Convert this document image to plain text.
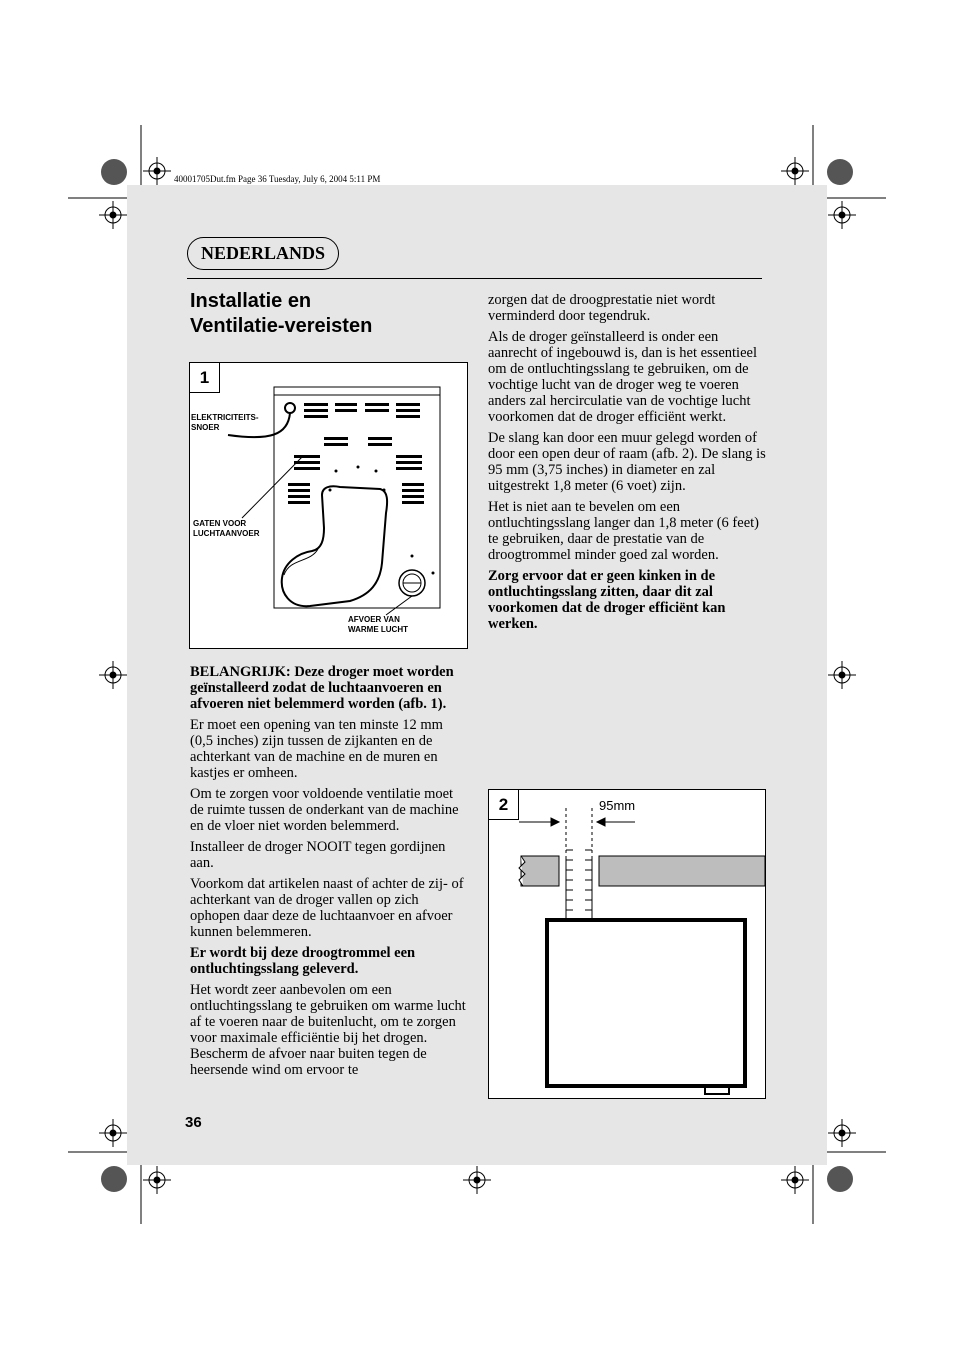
40001705Dut.fm Page 36 Tuesday, July 6, 2004 5:11 PM
NEDERLANDS
Installatie en
Ventilatie-vereisten
1
ELEKTRICITEITS-
SNOER
GATEN VOOR
LUCHTAANVOER
AFVOER VAN
WARME LUCHT

BELANGRIJK: Deze droger moet worden geïnstalleerd zodat de luchtaanvoeren en afvoeren niet belemmerd worden (afb. 1).

Er moet een opening van ten minste 12 mm (0,5 inches) zijn tussen de zijkanten en de achterkant van de machine en de muren en kastjes er omheen.

Om te zorgen voor voldoende ventilatie moet de ruimte tussen de onderkant van de machine en de vloer niet worden belemmerd.

Installeer de droger NOOIT tegen gordijnen aan.

Voorkom dat artikelen naast of achter de zij- of achterkant van de droger vallen op zich ophopen daar deze de luchtaanvoer en afvoer kunnen belemmeren.

Er wordt bij deze droogtrommel een ontluchtingsslang geleverd.

Het wordt zeer aanbevolen om een ontluchtingsslang te gebruiken om warme lucht af te voeren naar de buitenlucht, om te zorgen voor maximale efficiëntie bij het drogen. Bescherm de afvoer naar buiten tegen de heersende wind om ervoor te

zorgen dat de droogprestatie niet wordt verminderd door tegendruk.

Als de droger geïnstalleerd is onder een aanrecht of ingebouwd is, dan is het essentieel om de ontluchtingsslang te gebruiken, om de vochtige lucht van de droger weg te voeren anders zal hercirculatie van de vochtige lucht voorkomen dat de droger efficiënt werkt.

De slang kan door een muur gelegd worden of door een open deur of raam (afb. 2). De slang is 95 mm (3,75 inches) in diameter en zal uitgestrekt 1,8 meter (6 voet) zijn.

Het is niet aan te bevelen om een ontluchtingsslang langer dan 1,8 meter (6 feet) te gebruiken, daar de prestatie van de droogtrommel minder goed zal worden.

Zorg ervoor dat er geen kinken in de ontluchtingsslang zitten, daar dit zal voorkomen dat de droger efficiënt kan werken.

2	95mm
36
